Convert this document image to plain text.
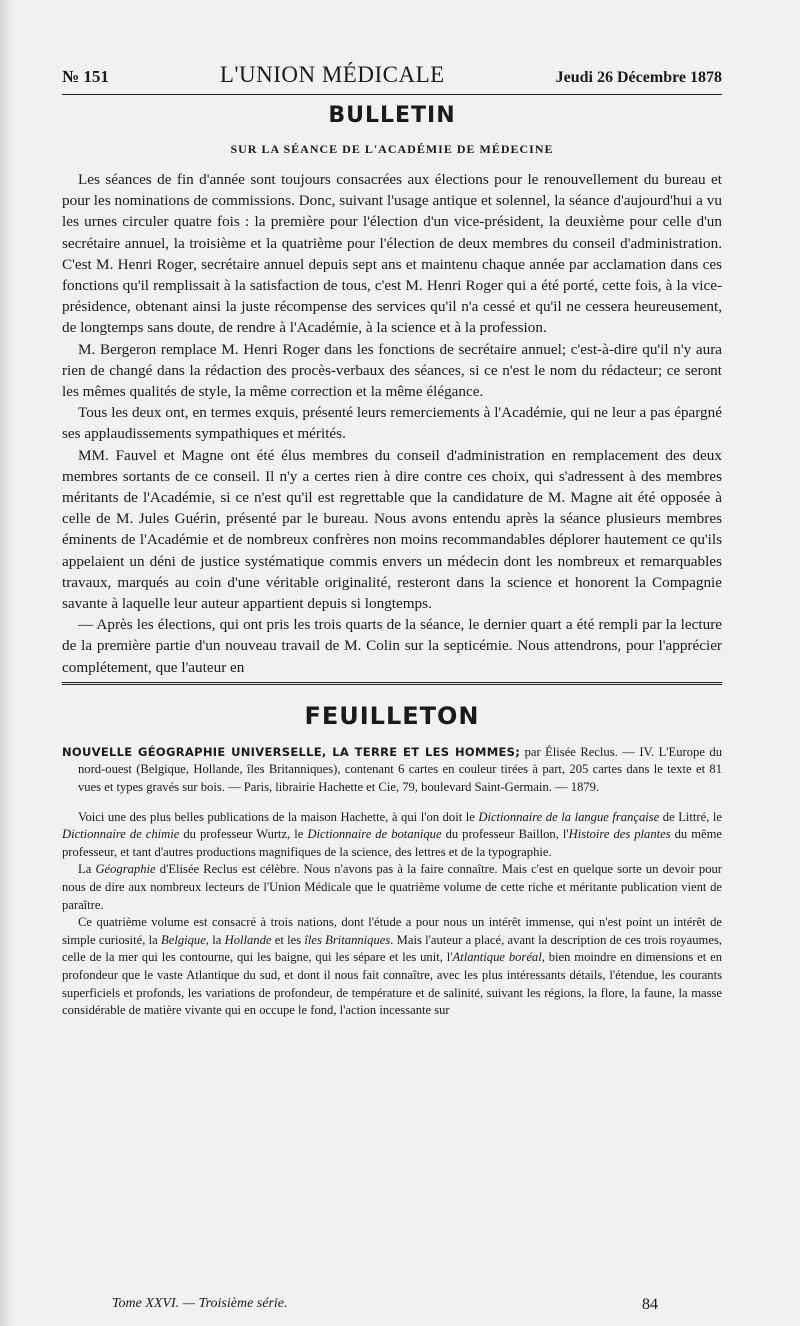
№ 151	L'UNION MÉDICALE	Jeudi 26 Décembre 1878
BULLETIN
SUR LA SÉANCE DE L'ACADÉMIE DE MÉDECINE

Les séances de fin d'année sont toujours consacrées aux élections pour le renouvellement du bureau et pour les nominations de commissions. Donc, suivant l'usage antique et solennel, la séance d'aujourd'hui a vu les urnes circuler quatre fois : la première pour l'élection d'un vice-président, la deuxième pour celle d'un secrétaire annuel, la troisième et la quatrième pour l'élection de deux membres du conseil d'administration. C'est M. Henri Roger, secrétaire annuel depuis sept ans et maintenu chaque année par acclamation dans ces fonctions qu'il remplissait à la satisfaction de tous, c'est M. Henri Roger qui a été porté, cette fois, à la vice-présidence, obtenant ainsi la juste récompense des services qu'il n'a cessé et qu'il ne cessera heureusement, de longtemps sans doute, de rendre à l'Académie, à la science et à la profession.

M. Bergeron remplace M. Henri Roger dans les fonctions de secrétaire annuel; c'est-à-dire qu'il n'y aura rien de changé dans la rédaction des procès-verbaux des séances, si ce n'est le nom du rédacteur; ce seront les mêmes qualités de style, la même correction et la même élégance.

Tous les deux ont, en termes exquis, présenté leurs remerciements à l'Académie, qui ne leur a pas épargné ses applaudissements sympathiques et mérités.

MM. Fauvel et Magne ont été élus membres du conseil d'administration en remplacement des deux membres sortants de ce conseil. Il n'y a certes rien à dire contre ces choix, qui s'adressent à des membres méritants de l'Académie, si ce n'est qu'il est regrettable que la candidature de M. Magne ait été opposée à celle de M. Jules Guérin, présenté par le bureau. Nous avons entendu après la séance plusieurs membres éminents de l'Académie et de nombreux confrères non moins recommandables déplorer hautement ce qu'ils appelaient un déni de justice systématique commis envers un médecin dont les nombreux et remarquables travaux, marqués au coin d'une véritable originalité, resteront dans la science et honorent la Compagnie savante à laquelle leur auteur appartient depuis si longtemps.

— Après les élections, qui ont pris les trois quarts de la séance, le dernier quart a été rempli par la lecture de la première partie d'un nouveau travail de M. Colin sur la septicémie. Nous attendrons, pour l'apprécier complétement, que l'auteur en

FEUILLETON

NOUVELLE GÉOGRAPHIE UNIVERSELLE, LA TERRE ET LES HOMMES; par Élisée Reclus. — IV. L'Europe du nord-ouest (Belgique, Hollande, îles Britanniques), contenant 6 cartes en couleur tirées à part, 205 cartes dans le texte et 81 vues et types gravés sur bois. — Paris, librairie Hachette et Cie, 79, boulevard Saint-Germain. — 1879.

Voici une des plus belles publications de la maison Hachette, à qui l'on doit le Dictionnaire de la langue française de Littré, le Dictionnaire de chimie du professeur Wurtz, le Dictionnaire de botanique du professeur Baillon, l'Histoire des plantes du même professeur, et tant d'autres productions magnifiques de la science, des lettres et de la typographie.

La Géographie d'Elisée Reclus est célèbre. Nous n'avons pas à la faire connaître. Mais c'est en quelque sorte un devoir pour nous de dire aux nombreux lecteurs de l'Union Médicale que le quatrième volume de cette riche et méritante publication vient de paraître.

Ce quatrième volume est consacré à trois nations, dont l'étude a pour nous un intérêt immense, qui n'est point un intérêt de simple curiosité, la Belgique, la Hollande et les îles Britanniques. Mais l'auteur a placé, avant la description de ces trois royaumes, celle de la mer qui les contourne, qui les baigne, qui les sépare et les unit, l'Atlantique boréal, bien moindre en dimensions et en profondeur que le vaste Atlantique du sud, et dont il nous fait connaître, avec les plus intéressants détails, l'étendue, les courants superficiels et profonds, les variations de profondeur, de température et de salinité, suivant les régions, la flore, la faune, la masse considérable de matière vivante qui en occupe le fond, l'action incessante sur

Tome XXVI. — Troisième série.	84
